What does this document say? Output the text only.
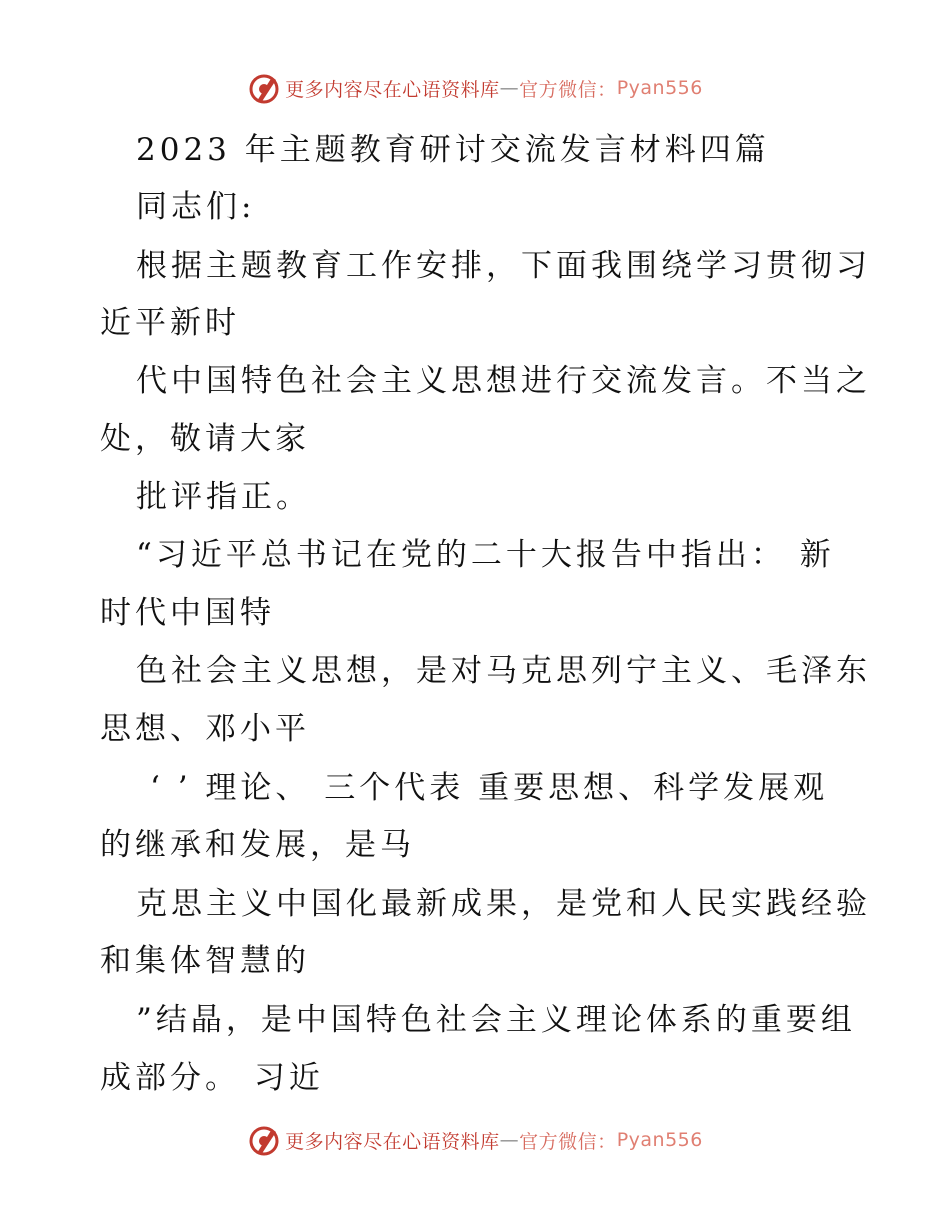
更多内容尽在心语资料库 — 官方微信： Pyan556
2023 年主题教育研讨交流发言材料四篇
同志们:
根据主题教育工作安排，下面我围绕学习贯彻习
近平新时
代中国特色社会主义思想进行交流发言。不当之
处，敬请大家
批评指正。
“习近平总书记在党的二十大报告中指出： 新
时代中国特
色社会主义思想，是对马克思列宁主义、毛泽东
思想、邓小平
‘ ’ 理论、 三个代表 重要思想、科学发展观
的继承和发展，是马
克思主义中国化最新成果，是党和人民实践经验
和集体智慧的
”结晶，是中国特色社会主义理论体系的重要组
成部分。 习近
更多内容尽在心语资料库 — 官方微信： Pyan556
